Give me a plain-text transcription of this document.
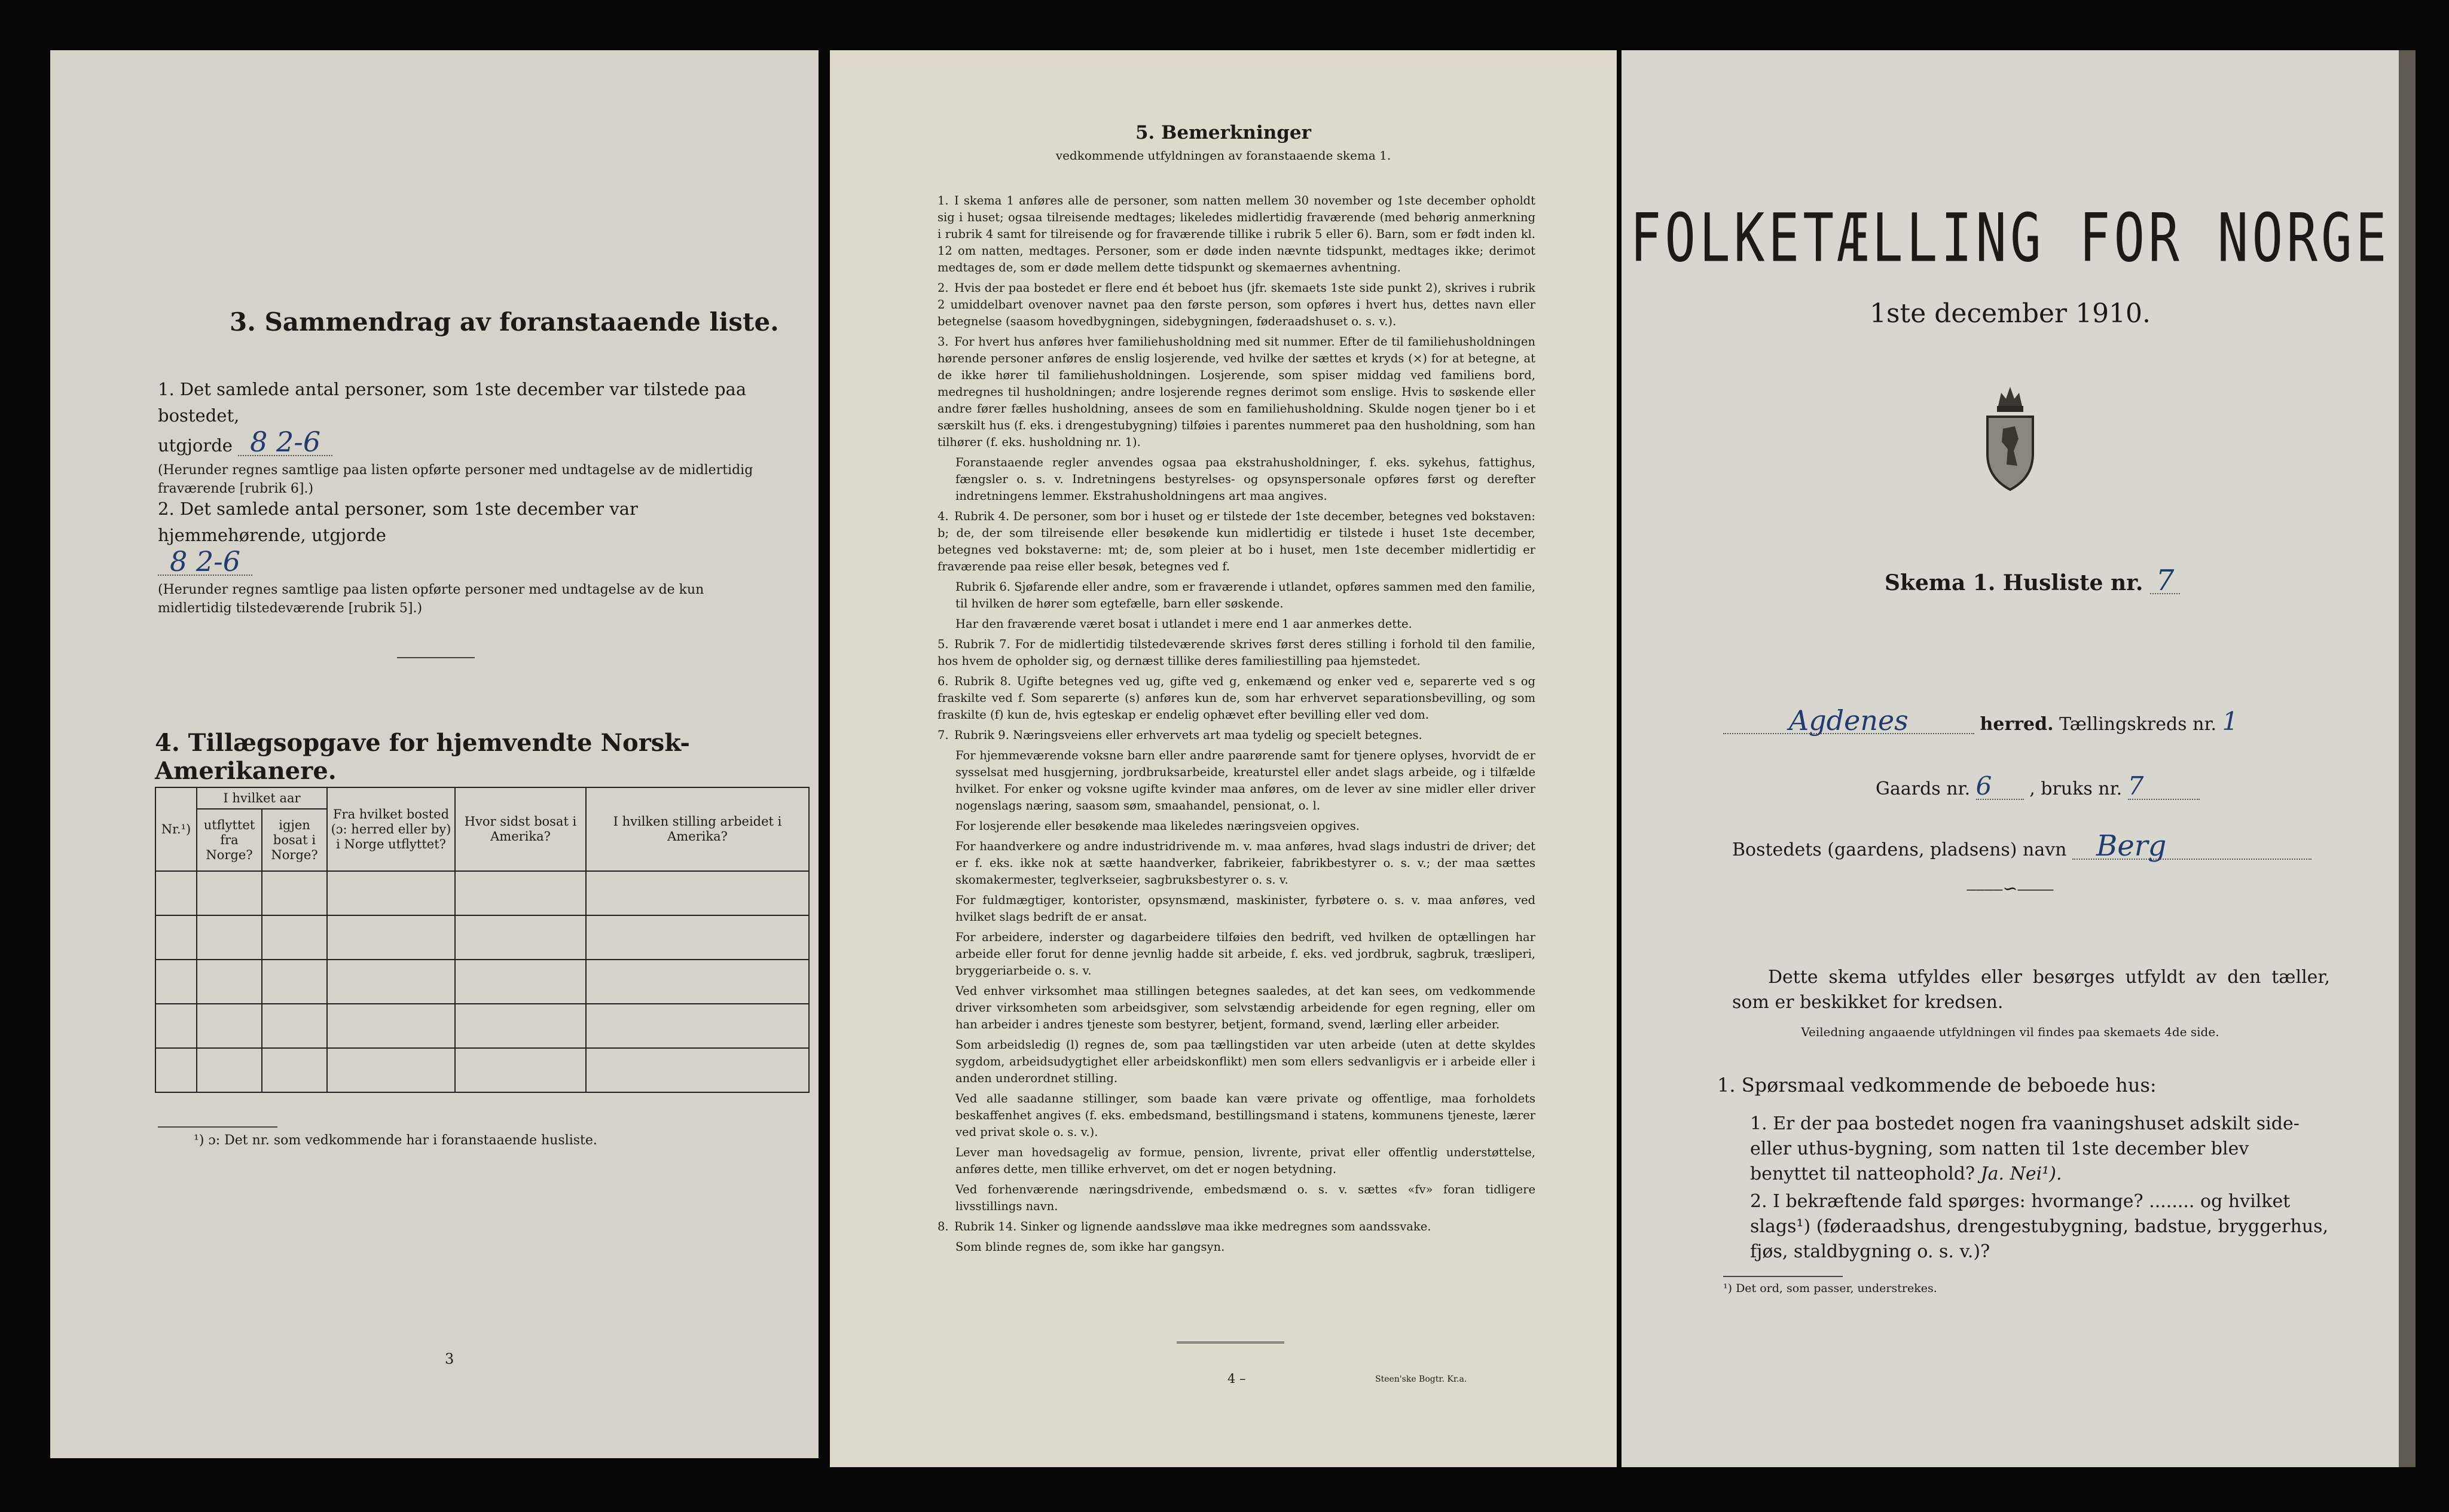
3. Sammendrag av foranstaaende liste.
1. Det samlede antal personer, som 1ste december var tilstede paa bostedet,
utgjorde 8 2-6
(Herunder regnes samtlige paa listen opførte personer med undtagelse av de midlertidig fraværende [rubrik 6].)
2. Det samlede antal personer, som 1ste december var hjemmehørende, utgjorde
8 2-6
(Herunder regnes samtlige paa listen opførte personer med undtagelse av de kun midlertidig tilstedeværende [rubrik 5].)
4. Tillægsopgave for hjemvendte Norsk-Amerikanere.
Nr.¹)	I hvilket aar		Fra hvilket bosted (ɔ: herred eller by) i Norge utflyttet?	Hvor sidst bosat i Amerika?	I hvilken stilling arbeidet i Amerika?
	utflyttet fra Norge?	igjen bosat i Norge?			

¹) ɔ: Det nr. som vedkommende har i foranstaaende husliste.
3
5. Bemerkninger
vedkommende utfyldningen av foranstaaende skema 1.

1. I skema 1 anføres alle de personer, som natten mellem 30 november og 1ste december opholdt sig i huset; ogsaa tilreisende medtages; likeledes midlertidig fraværende (med behørig anmerkning i rubrik 4 samt for tilreisende og for fraværende tillike i rubrik 5 eller 6). Barn, som er født inden kl. 12 om natten, medtages. Personer, som er døde inden nævnte tidspunkt, medtages ikke; derimot medtages de, som er døde mellem dette tidspunkt og skemaernes avhentning.

2. Hvis der paa bostedet er flere end ét beboet hus (jfr. skemaets 1ste side punkt 2), skrives i rubrik 2 umiddelbart ovenover navnet paa den første person, som opføres i hvert hus, dettes navn eller betegnelse (saasom hovedbygningen, sidebygningen, føderaadshuset o. s. v.).

3. For hvert hus anføres hver familiehusholdning med sit nummer. Efter de til familiehusholdningen hørende personer anføres de enslig losjerende, ved hvilke der sættes et kryds (×) for at betegne, at de ikke hører til familiehusholdningen. Losjerende, som spiser middag ved familiens bord, medregnes til husholdningen; andre losjerende regnes derimot som enslige. Hvis to søskende eller andre fører fælles husholdning, ansees de som en familiehusholdning. Skulde nogen tjener bo i et særskilt hus (f. eks. i drengestubygning) tilføies i parentes nummeret paa den husholdning, som han tilhører (f. eks. husholdning nr. 1).

Foranstaaende regler anvendes ogsaa paa ekstrahusholdninger, f. eks. sykehus, fattighus, fængsler o. s. v. Indretningens bestyrelses- og opsynspersonale opføres først og derefter indretningens lemmer. Ekstrahusholdningens art maa angives.

4. Rubrik 4. De personer, som bor i huset og er tilstede der 1ste december, betegnes ved bokstaven: b; de, der som tilreisende eller besøkende kun midlertidig er tilstede i huset 1ste december, betegnes ved bokstaverne: mt; de, som pleier at bo i huset, men 1ste december midlertidig er fraværende paa reise eller besøk, betegnes ved f.

Rubrik 6. Sjøfarende eller andre, som er fraværende i utlandet, opføres sammen med den familie, til hvilken de hører som egtefælle, barn eller søskende.

Har den fraværende været bosat i utlandet i mere end 1 aar anmerkes dette.

5. Rubrik 7. For de midlertidig tilstedeværende skrives først deres stilling i forhold til den familie, hos hvem de opholder sig, og dernæst tillike deres familiestilling paa hjemstedet.

6. Rubrik 8. Ugifte betegnes ved ug, gifte ved g, enkemænd og enker ved e, separerte ved s og fraskilte ved f. Som separerte (s) anføres kun de, som har erhvervet separationsbevilling, og som fraskilte (f) kun de, hvis egteskap er endelig ophævet efter bevilling eller ved dom.

7. Rubrik 9. Næringsveiens eller erhvervets art maa tydelig og specielt betegnes.

For hjemmeværende voksne barn eller andre paarørende samt for tjenere oplyses, hvorvidt de er sysselsat med husgjerning, jordbruksarbeide, kreaturstel eller andet slags arbeide, og i tilfælde hvilket. For enker og voksne ugifte kvinder maa anføres, om de lever av sine midler eller driver nogenslags næring, saasom søm, smaahandel, pensionat, o. l.

For losjerende eller besøkende maa likeledes næringsveien opgives.

For haandverkere og andre industridrivende m. v. maa anføres, hvad slags industri de driver; det er f. eks. ikke nok at sætte haandverker, fabrikeier, fabrikbestyrer o. s. v.; der maa sættes skomakermester, teglverkseier, sagbruksbestyrer o. s. v.

For fuldmægtiger, kontorister, opsynsmænd, maskinister, fyrbøtere o. s. v. maa anføres, ved hvilket slags bedrift de er ansat.

For arbeidere, inderster og dagarbeidere tilføies den bedrift, ved hvilken de optællingen har arbeide eller forut for denne jevnlig hadde sit arbeide, f. eks. ved jordbruk, sagbruk, træsliperi, bryggeriarbeide o. s. v.

Ved enhver virksomhet maa stillingen betegnes saaledes, at det kan sees, om vedkommende driver virksomheten som arbeidsgiver, som selvstændig arbeidende for egen regning, eller om han arbeider i andres tjeneste som bestyrer, betjent, formand, svend, lærling eller arbeider.

Som arbeidsledig (l) regnes de, som paa tællingstiden var uten arbeide (uten at dette skyldes sygdom, arbeidsudygtighet eller arbeidskonflikt) men som ellers sedvanligvis er i arbeide eller i anden underordnet stilling.

Ved alle saadanne stillinger, som baade kan være private og offentlige, maa forholdets beskaffenhet angives (f. eks. embedsmand, bestillingsmand i statens, kommunens tjeneste, lærer ved privat skole o. s. v.).

Lever man hovedsagelig av formue, pension, livrente, privat eller offentlig understøttelse, anføres dette, men tillike erhvervet, om det er nogen betydning.

Ved forhenværende næringsdrivende, embedsmænd o. s. v. sættes «fv» foran tidligere livsstillings navn.

8. Rubrik 14. Sinker og lignende aandssløve maa ikke medregnes som aandssvake.

Som blinde regnes de, som ikke har gangsyn.

4 –	Steen'ske Bogtr. Kr.a.
FOLKETÆLLING FOR NORGE
1ste december 1910.
Skema 1. Husliste nr. 7
Agdenes	herred. Tællingskreds nr. 1
Gaards nr. 6 , bruks nr. 7
Bostedets (gaardens, pladsens) navn Berg
⎯⎯⎯⎯∽⎯⎯⎯⎯
Dette skema utfyldes eller besørges utfyldt av den tæller, som er beskikket for kredsen.
Veiledning angaaende utfyldningen vil findes paa skemaets 4de side.
1. Spørsmaal vedkommende de beboede hus:
1. Er der paa bostedet nogen fra vaaningshuset adskilt side- eller uthus-bygning, som natten til 1ste december blev benyttet til natteophold? Ja. Nei¹).
2. I bekræftende fald spørges: hvormange? ........ og hvilket slags¹) (føderaadshus, drengestubygning, badstue, bryggerhus, fjøs, staldbygning o. s. v.)?
¹) Det ord, som passer, understrekes.
